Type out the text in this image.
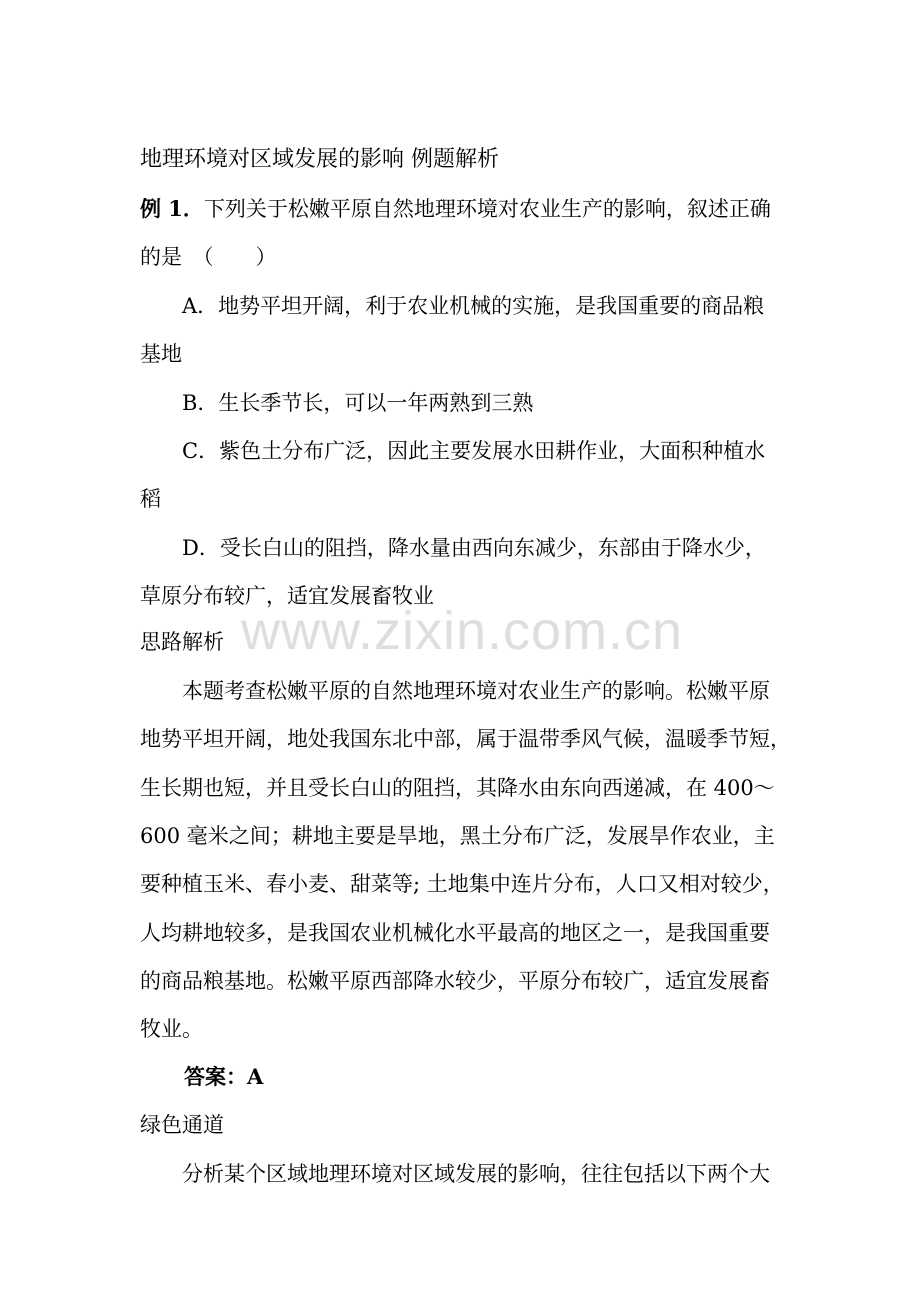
www.zixin.com.cn
地理环境对区域发展的影响 例题解析
例 1．下列关于松嫩平原自然地理环境对农业生产的影响，叙述正确
的是　（　　）
A．地势平坦开阔，利于农业机械的实施，是我国重要的商品粮
基地
B．生长季节长，可以一年两熟到三熟
C．紫色土分布广泛，因此主要发展水田耕作业，大面积种植水
稻
D．受长白山的阻挡，降水量由西向东减少，东部由于降水少，
草原分布较广，适宜发展畜牧业
思路解析
本题考查松嫩平原的自然地理环境对农业生产的影响。松嫩平原
地势平坦开阔，地处我国东北中部，属于温带季风气候，温暖季节短，
生长期也短，并且受长白山的阻挡，其降水由东向西递减，在 400～
600 毫米之间；耕地主要是旱地，黑土分布广泛，发展旱作农业，主
要种植玉米、春小麦、甜菜等; 土地集中连片分布，人口又相对较少，
人均耕地较多，是我国农业机械化水平最高的地区之一，是我国重要
的商品粮基地。松嫩平原西部降水较少，平原分布较广，适宜发展畜
牧业。
答案：A
绿色通道
分析某个区域地理环境对区域发展的影响，往往包括以下两个大
